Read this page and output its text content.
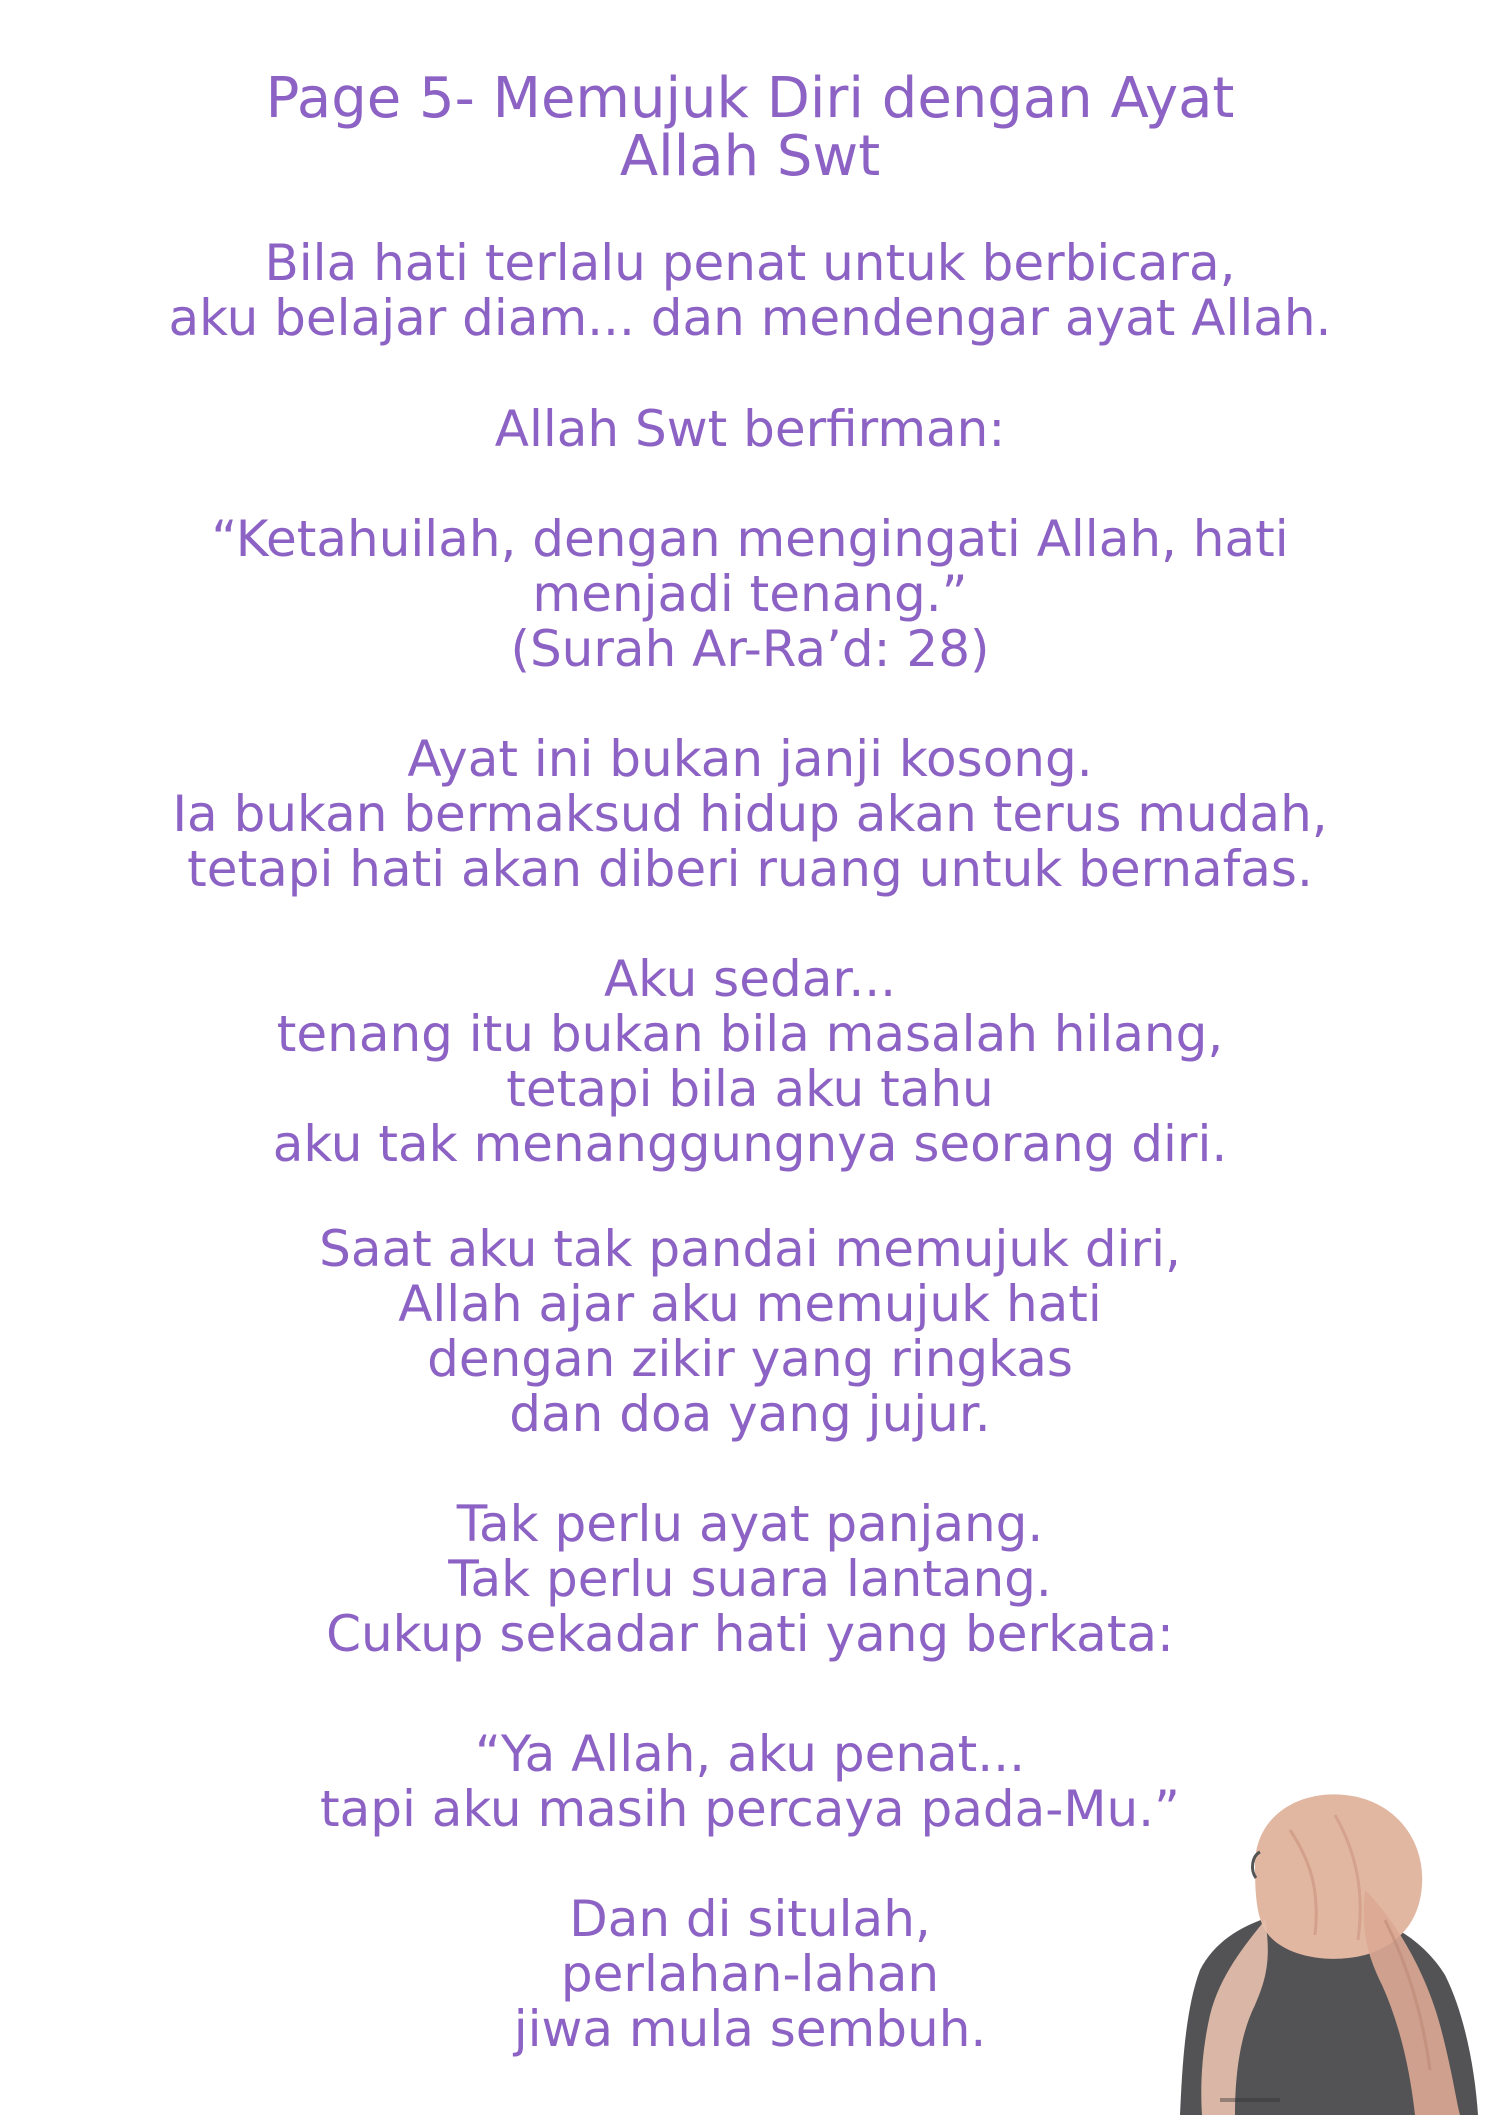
Page 5- Memujuk Diri dengan Ayat
Allah Swt
Bila hati terlalu penat untuk berbicara,
aku belajar diam... dan mendengar ayat Allah.
Allah Swt berfirman:
“Ketahuilah, dengan mengingati Allah, hati
menjadi tenang.”
(Surah Ar-Ra’d: 28)
Ayat ini bukan janji kosong.
Ia bukan bermaksud hidup akan terus mudah,
tetapi hati akan diberi ruang untuk bernafas.
Aku sedar...
tenang itu bukan bila masalah hilang,
tetapi bila aku tahu
aku tak menanggungnya seorang diri.
Saat aku tak pandai memujuk diri,
Allah ajar aku memujuk hati
dengan zikir yang ringkas
dan doa yang jujur.
Tak perlu ayat panjang.
Tak perlu suara lantang.
Cukup sekadar hati yang berkata:
“Ya Allah, aku penat...
tapi aku masih percaya pada-Mu.”
Dan di situlah,
perlahan-lahan
jiwa mula sembuh.
